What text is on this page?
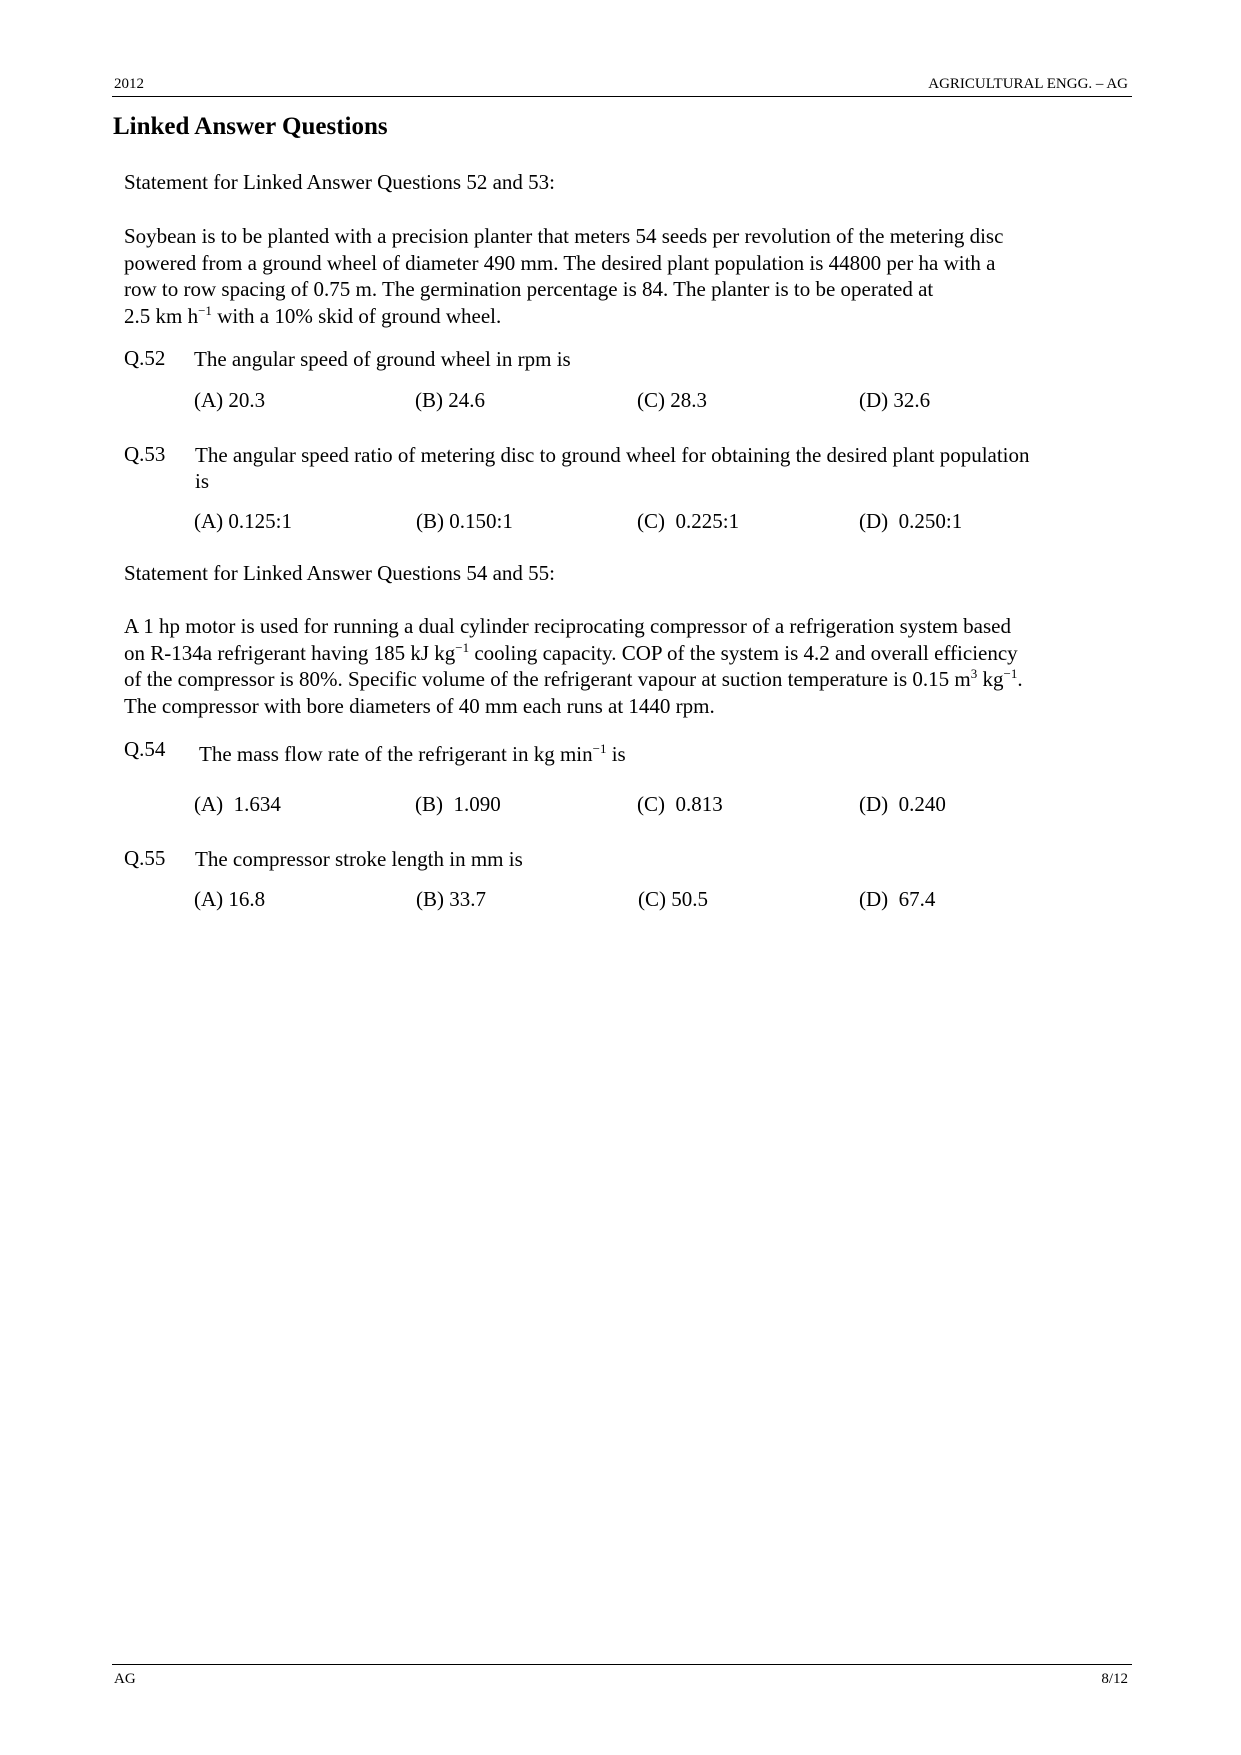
2012	AGRICULTURAL ENGG. – AG
Linked Answer Questions
Statement for Linked Answer Questions 52 and 53:
Soybean is to be planted with a precision planter that meters 54 seeds per revolution of the metering disc
powered from a ground wheel of diameter 490 mm. The desired plant population is 44800 per ha with a
row to row spacing of 0.75 m. The germination percentage is 84. The planter is to be operated at
2.5 km $h^{-1}$ with a 10% skid of ground wheel.
Q.52 The angular speed of ground wheel in rpm is
(A) 20.3	(B) 24.6	(C) 28.3	(D) 32.6
Q.53 The angular speed ratio of metering disc to ground wheel for obtaining the desired plant population
is
(A) 0.125:1	(B) 0.150:1	(C)  0.225:1	(D)  0.250:1
Statement for Linked Answer Questions 54 and 55:
A 1 hp motor is used for running a dual cylinder reciprocating compressor of a refrigeration system based
on R-134a refrigerant having 185 kJ $kg^{-1}$ cooling capacity. COP of the system is 4.2 and overall efficiency
of the compressor is 80%. Specific volume of the refrigerant vapour at suction temperature is 0.15 $m^3$ $kg^{-1}$.
The compressor with bore diameters of 40 mm each runs at 1440 rpm.
Q.54 The mass flow rate of the refrigerant in kg $\min^{-1}$ is
(A)  1.634	(B)  1.090	(C)  0.813	(D)  0.240
Q.55 The compressor stroke length in mm is
(A) 16.8	(B) 33.7	(C) 50.5	(D)  67.4
AG	8/12
